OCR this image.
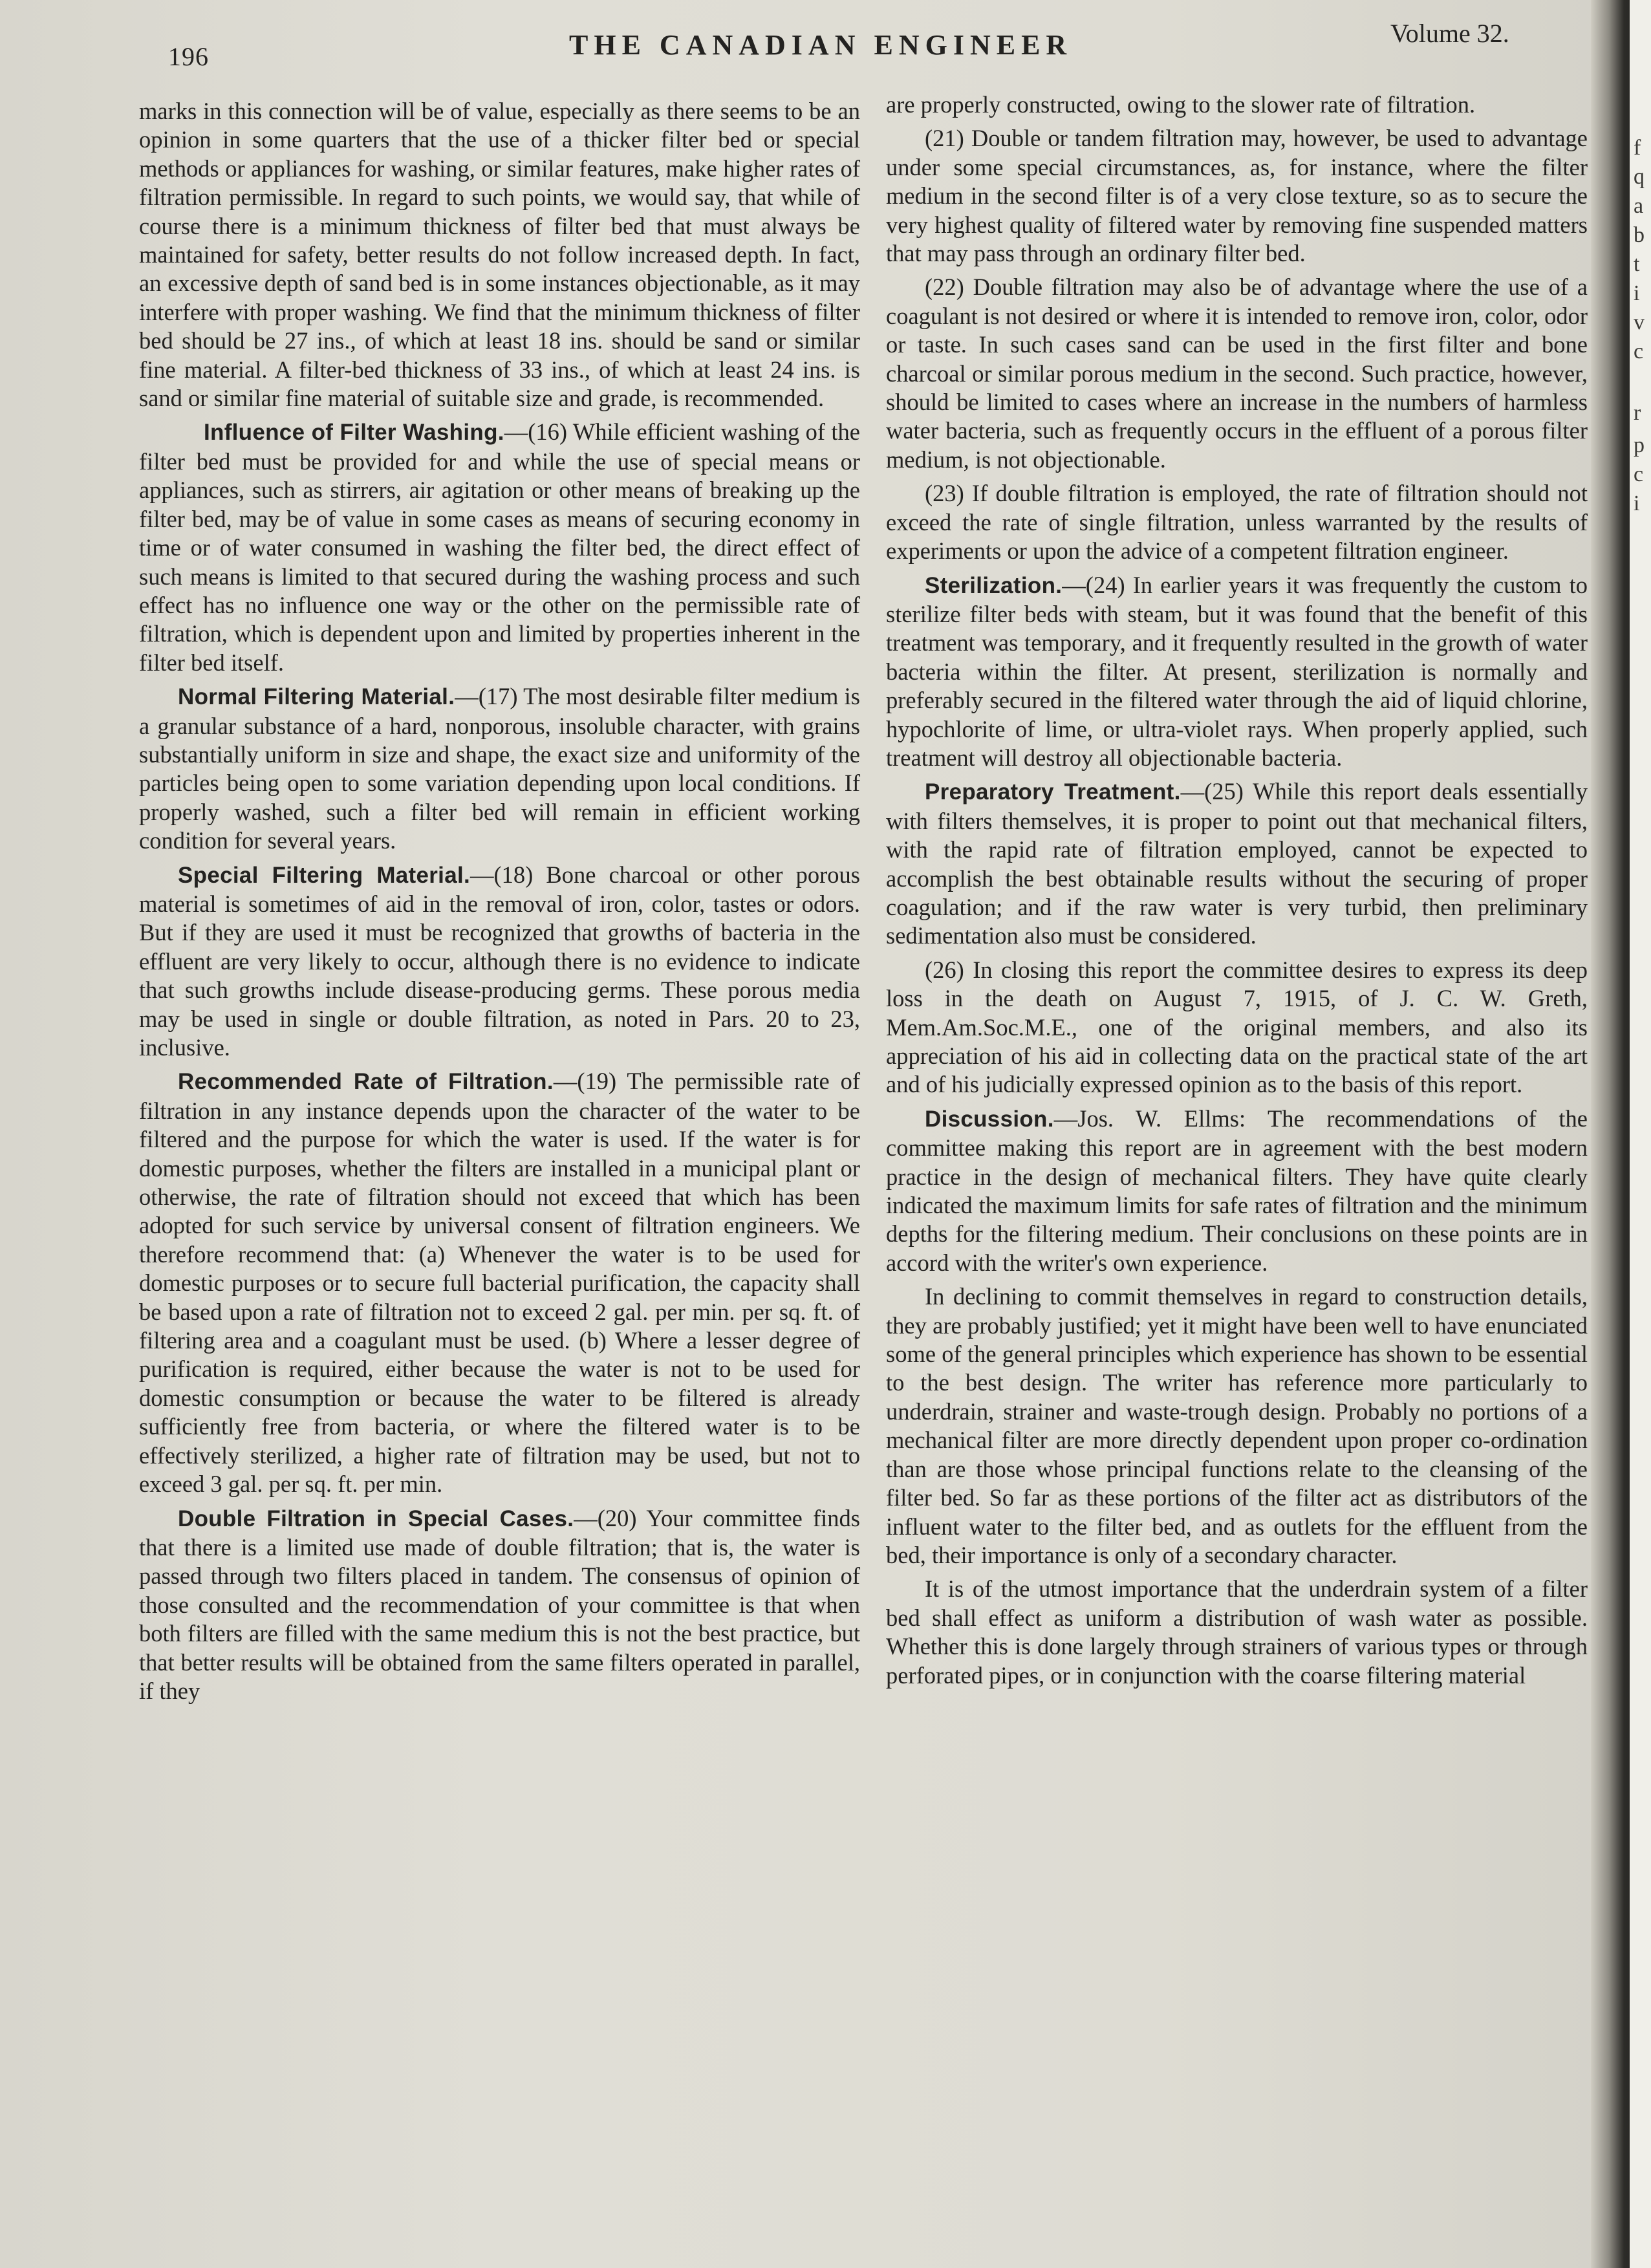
196	THE CANADIAN ENGINEER	Volume 32.

marks in this connection will be of value, especially as there seems to be an opinion in some quarters that the use of a thicker filter bed or special methods or appliances for washing, or similar features, make higher rates of filtration permissible. In regard to such points, we would say, that while of course there is a minimum thickness of filter bed that must always be maintained for safety, better results do not follow increased depth. In fact, an excessive depth of sand bed is in some instances objectionable, as it may interfere with proper washing. We find that the minimum thickness of filter bed should be 27 ins., of which at least 18 ins. should be sand or similar fine material. A filter-bed thickness of 33 ins., of which at least 24 ins. is sand or similar fine material of suitable size and grade, is recommended.

Influence of Filter Washing.—(16) While efficient washing of the filter bed must be provided for and while the use of special means or appliances, such as stirrers, air agitation or other means of breaking up the filter bed, may be of value in some cases as means of securing economy in time or of water consumed in washing the filter bed, the direct effect of such means is limited to that secured during the washing process and such effect has no influence one way or the other on the permissible rate of filtration, which is dependent upon and limited by properties inherent in the filter bed itself.

Normal Filtering Material.—(17) The most desirable filter medium is a granular substance of a hard, nonporous, insoluble character, with grains substantially uniform in size and shape, the exact size and uniformity of the particles being open to some variation depending upon local conditions. If properly washed, such a filter bed will remain in efficient working condition for several years.

Special Filtering Material.—(18) Bone charcoal or other porous material is sometimes of aid in the removal of iron, color, tastes or odors. But if they are used it must be recognized that growths of bacteria in the effluent are very likely to occur, although there is no evidence to indicate that such growths include disease-producing germs. These porous media may be used in single or double filtration, as noted in Pars. 20 to 23, inclusive.

Recommended Rate of Filtration.—(19) The permissible rate of filtration in any instance depends upon the character of the water to be filtered and the purpose for which the water is used. If the water is for domestic purposes, whether the filters are installed in a municipal plant or otherwise, the rate of filtration should not exceed that which has been adopted for such service by universal consent of filtration engineers. We therefore recommend that: (a) Whenever the water is to be used for domestic purposes or to secure full bacterial purification, the capacity shall be based upon a rate of filtration not to exceed 2 gal. per min. per sq. ft. of filtering area and a coagulant must be used. (b) Where a lesser degree of purification is required, either because the water is not to be used for domestic consumption or because the water to be filtered is already sufficiently free from bacteria, or where the filtered water is to be effectively sterilized, a higher rate of filtration may be used, but not to exceed 3 gal. per sq. ft. per min.

Double Filtration in Special Cases.—(20) Your committee finds that there is a limited use made of double filtration; that is, the water is passed through two filters placed in tandem. The consensus of opinion of those consulted and the recommendation of your committee is that when both filters are filled with the same medium this is not the best practice, but that better results will be obtained from the same filters operated in parallel, if they

are properly constructed, owing to the slower rate of filtration.

(21) Double or tandem filtration may, however, be used to advantage under some special circumstances, as, for instance, where the filter medium in the second filter is of a very close texture, so as to secure the very highest quality of filtered water by removing fine suspended matters that may pass through an ordinary filter bed.

(22) Double filtration may also be of advantage where the use of a coagulant is not desired or where it is intended to remove iron, color, odor or taste. In such cases sand can be used in the first filter and bone charcoal or similar porous medium in the second. Such practice, however, should be limited to cases where an increase in the numbers of harmless water bacteria, such as frequently occurs in the effluent of a porous filter medium, is not objectionable.

(23) If double filtration is employed, the rate of filtration should not exceed the rate of single filtration, unless warranted by the results of experiments or upon the advice of a competent filtration engineer.

Sterilization.—(24) In earlier years it was frequently the custom to sterilize filter beds with steam, but it was found that the benefit of this treatment was temporary, and it frequently resulted in the growth of water bacteria within the filter. At present, sterilization is normally and preferably secured in the filtered water through the aid of liquid chlorine, hypochlorite of lime, or ultra-violet rays. When properly applied, such treatment will destroy all objectionable bacteria.

Preparatory Treatment.—(25) While this report deals essentially with filters themselves, it is proper to point out that mechanical filters, with the rapid rate of filtration employed, cannot be expected to accomplish the best obtainable results without the securing of proper coagulation; and if the raw water is very turbid, then preliminary sedimentation also must be considered.

(26) In closing this report the committee desires to express its deep loss in the death on August 7, 1915, of J. C. W. Greth, Mem.Am.Soc.M.E., one of the original members, and also its appreciation of his aid in collecting data on the practical state of the art and of his judicially expressed opinion as to the basis of this report.

Discussion.—Jos. W. Ellms: The recommendations of the committee making this report are in agreement with the best modern practice in the design of mechanical filters. They have quite clearly indicated the maximum limits for safe rates of filtration and the minimum depths for the filtering medium. Their conclusions on these points are in accord with the writer's own experience.

In declining to commit themselves in regard to construction details, they are probably justified; yet it might have been well to have enunciated some of the general principles which experience has shown to be essential to the best design. The writer has reference more particularly to underdrain, strainer and waste-trough design. Probably no portions of a mechanical filter are more directly dependent upon proper co-ordination than are those whose principal functions relate to the cleansing of the filter bed. So far as these portions of the filter act as distributors of the influent water to the filter bed, and as outlets for the effluent from the bed, their importance is only of a secondary character.

It is of the utmost importance that the underdrain system of a filter bed shall effect as uniform a distribution of wash water as possible. Whether this is done largely through strainers of various types or through perforated pipes, or in conjunction with the coarse filtering material

f
q
a
b
t
i
v
c
r
p
c
i
